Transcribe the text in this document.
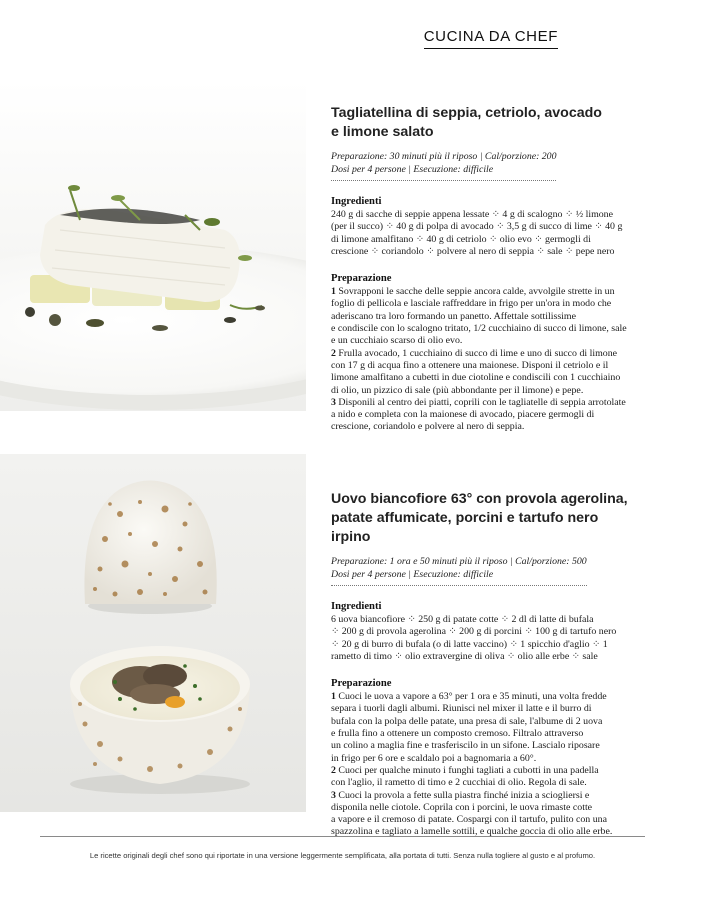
CUCINA DA CHEF
Tagliatellina di seppia, cetriolo, avocado
e limone salato
Preparazione: 30 minuti più il riposo | Cal/porzione: 200
Dosi per 4 persone | Esecuzione: difficile
Ingredienti
240 g di sacche di seppie appena lessate ⁘ 4 g di scalogno ⁘ ½ limone
(per il succo) ⁘ 40 g di polpa di avocado ⁘ 3,5 g di succo di lime ⁘ 40 g
di limone amalfitano ⁘ 40 g di cetriolo ⁘ olio evo ⁘ germogli di
crescione ⁘ coriandolo ⁘ polvere al nero di seppia ⁘ sale ⁘ pepe nero
Preparazione
1 Sovrapponi le sacche delle seppie ancora calde, avvolgile strette in un
foglio di pellicola e lasciale raffreddare in frigo per un'ora in modo che
aderiscano tra loro formando un panetto. Affettale sottilissime
e condiscile con lo scalogno tritato, 1/2 cucchiaino di succo di limone, sale
e un cucchiaio scarso di olio evo.
2 Frulla avocado, 1 cucchiaino di succo di lime e uno di succo di limone
con 17 g di acqua fino a ottenere una maionese. Disponi il cetriolo e il
limone amalfitano a cubetti in due ciotoline e condiscili con 1 cucchiaino
di olio, un pizzico di sale (più abbondante per il limone) e pepe.
3 Disponili al centro dei piatti, coprili con le tagliatelle di seppia arrotolate
a nido e completa con la maionese di avocado, piacere germogli di
crescione, coriandolo e polvere al nero di seppia.
Uovo biancofiore 63° con provola agerolina,
patate affumicate, porcini e tartufo nero irpino
Preparazione: 1 ora e 50 minuti più il riposo | Cal/porzione: 500
Dosi per 4 persone | Esecuzione: difficile
Ingredienti
6 uova biancofiore ⁘ 250 g di patate cotte ⁘ 2 dl di latte di bufala
⁘ 200 g di provola agerolina ⁘ 200 g di porcini ⁘ 100 g di tartufo nero
⁘ 20 g di burro di bufala (o di latte vaccino) ⁘ 1 spicchio d'aglio ⁘ 1
rametto di timo ⁘ olio extravergine di oliva ⁘ olio alle erbe ⁘ sale
Preparazione
1 Cuoci le uova a vapore a 63° per 1 ora e 35 minuti, una volta fredde
separa i tuorli dagli albumi. Riunisci nel mixer il latte e il burro di
bufala con la polpa delle patate, una presa di sale, l'albume di 2 uova
e frulla fino a ottenere un composto cremoso. Filtralo attraverso
un colino a maglia fine e trasferiscilo in un sifone. Lascialo riposare
in frigo per 6 ore e scaldalo poi a bagnomaria a 60°.
2 Cuoci per qualche minuto i funghi tagliati a cubotti in una padella
con l'aglio, il rametto di timo e 2 cucchiai di olio. Regola di sale.
3 Cuoci la provola a fette sulla piastra finché inizia a sciogliersi e
disponila nelle ciotole. Coprila con i porcini, le uova rimaste cotte
a vapore e il cremoso di patate. Cospargi con il tartufo, pulito con una
spazzolina e tagliato a lamelle sottili, e qualche goccia di olio alle erbe.
Le ricette originali degli chef sono qui riportate in una versione leggermente semplificata, alla portata di tutti. Senza nulla togliere al gusto e al profumo.
